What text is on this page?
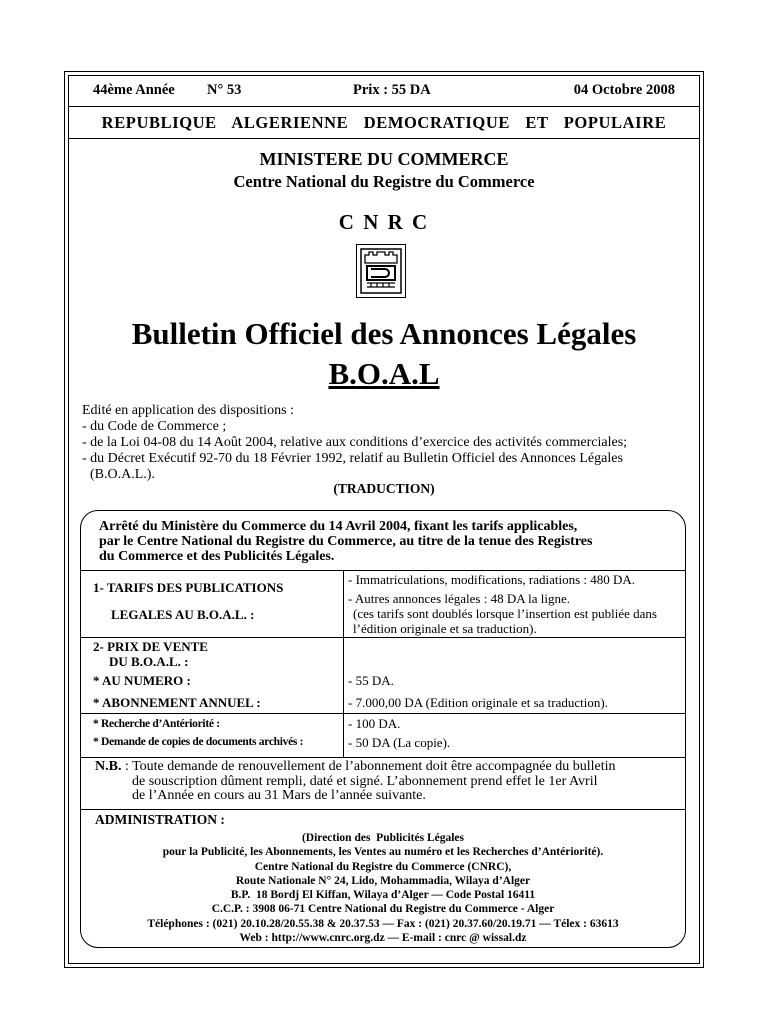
44ème Année N° 53	Prix : 55 DA	04 Octobre 2008
REPUBLIQUE  ALGERIENNE  DEMOCRATIQUE  ET  POPULAIRE
MINISTERE DU COMMERCE
Centre National du Registre du Commerce
C N R C
Bulletin Officiel des Annonces Légales
B.O.A.L
Edité en application des dispositions :
- du Code de Commerce ;
- de la Loi 04-08 du 14 Août 2004, relative aux conditions d’exercice des activités commerciales;
- du Décret Exécutif 92-70 du 18 Février 1992, relatif au Bulletin Officiel des Annonces Légales
(B.O.A.L.).
(TRADUCTION)
Arrêté du Ministère du Commerce du 14 Avril 2004, fixant les tarifs applicables,
par le Centre National du Registre du Commerce, au titre de la tenue des Registres
du Commerce et des Publicités Légales.
1- TARIFS DES PUBLICATIONS
LEGALES AU B.O.A.L. :
- Immatriculations, modifications, radiations : 480 DA.
- Autres annonces légales : 48 DA la ligne.
(ces tarifs sont doublés lorsque l’insertion est publiée dans
l’édition originale et sa traduction).
2- PRIX DE VENTE
DU B.O.A.L. :
* AU NUMERO :
* ABONNEMENT ANNUEL :
- 55 DA.
- 7.000,00 DA (Edition originale et sa traduction).
* Recherche d’Antériorité :
* Demande de copies de documents archivés :
- 100 DA.
- 50 DA (La copie).
N.B. : Toute demande de renouvellement de l’abonnement doit être accompagnée du bulletin
de souscription dûment rempli, daté et signé. L’abonnement prend effet le 1er Avril
de l’Année en cours au 31 Mars de l’année suivante.
ADMINISTRATION :
(Direction des  Publicités Légales
pour la Publicité, les Abonnements, les Ventes au numéro et les Recherches d’Antériorité).
Centre National du Registre du Commerce (CNRC),
Route Nationale N° 24, Lido, Mohammadia, Wilaya d’Alger
B.P.  18 Bordj El Kiffan, Wilaya d’Alger — Code Postal 16411
C.C.P. : 3908 06-71 Centre National du Registre du Commerce - Alger
Téléphones : (021) 20.10.28/20.55.38 & 20.37.53 — Fax : (021) 20.37.60/20.19.71 — Télex : 63613
Web : http://www.cnrc.org.dz — E-mail : cnrc @ wissal.dz
